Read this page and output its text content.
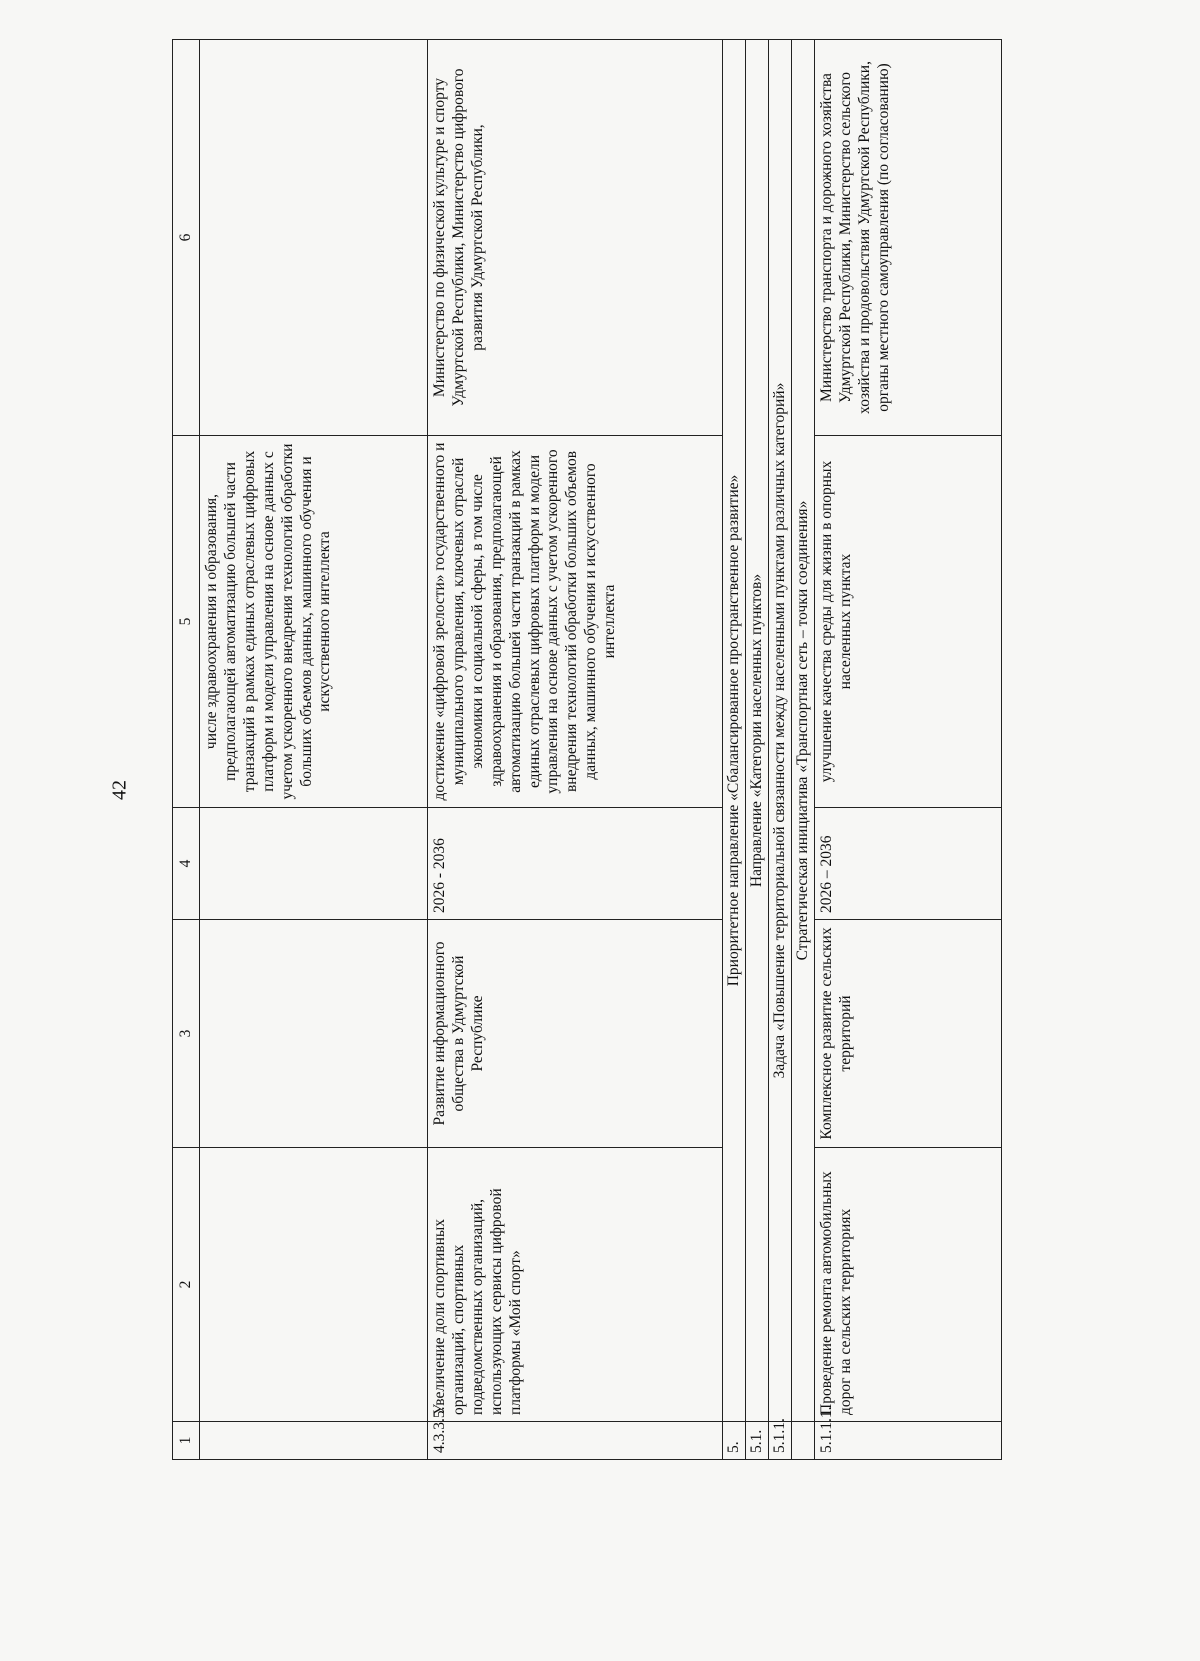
42
1	2	3	4	5	6
				числе здравоохранения и образования, предполагающей автоматизацию большей части транзакций в рамках единых отраслевых цифровых платформ и модели управления на основе данных с учетом ускоренного внедрения технологий обработки больших объемов данных, машинного обучения и искусственного интеллекта	
4.3.3.5.	Увеличение доли спортивных организаций, спортивных подведомственных организаций, использующих сервисы цифровой платформы «Мой спорт»	Развитие информационного общества в Удмуртской Республике	2026 - 2036	достижение «цифровой зрелости» государственного и муниципального управления, ключевых отраслей экономики и социальной сферы, в том числе здравоохранения и образования, предполагающей автоматизацию большей части транзакций в рамках единых отраслевых цифровых платформ и модели управления на основе данных с учетом ускоренного внедрения технологий обработки больших объемов данных, машинного обучения и искусственного интеллекта	Министерство по физической культуре и спорту Удмуртской Республики, Министерство цифрового развития Удмуртской Республики,
5.	Приоритетное направление «Сбалансированное пространственное развитие»				
5.1.	Направление «Категории населенных пунктов»				
5.1.1.	Задача «Повышение территориальной связанности между населенными пунктами различных категорий»				
	Стратегическая инициатива «Транспортная сеть – точки соединения»				
5.1.1.1.	Проведение ремонта автомобильных дорог на сельских территориях	Комплексное развитие сельских территорий	2026 – 2036	улучшение качества среды для жизни в опорных населенных пунктах	Министерство транспорта и дорожного хозяйства Удмуртской Республики, Министерство сельского хозяйства и продовольствия Удмуртской Республики, органы местного самоуправления (по согласованию)
